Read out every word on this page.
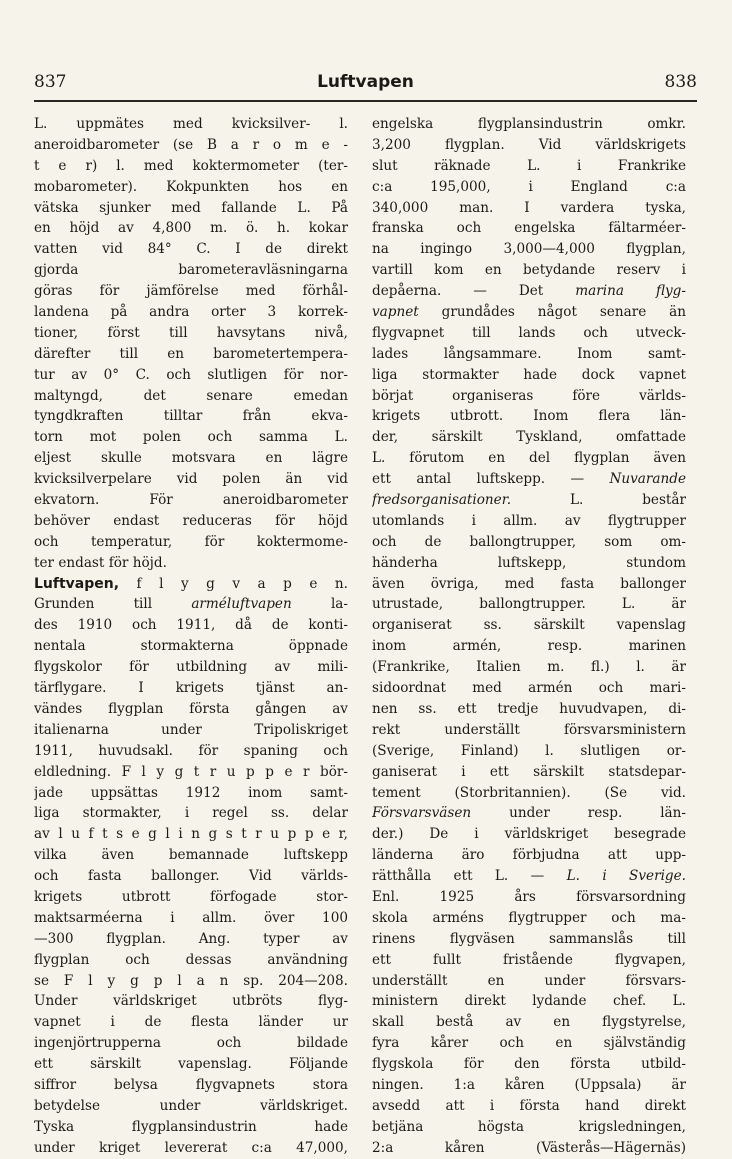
837	Luftvapen	838
L. uppmätes med kvicksilver- l.
aneroidbarometer (se B a r o m e -
t e r) l. med koktermometer (ter-
mobarometer). Kokpunkten hos en
vätska sjunker med fallande L. På
en höjd av 4,800 m. ö. h. kokar
vatten vid 84° C. I de direkt
gjorda barometeravläsningarna
göras för jämförelse med förhål-
landena på andra orter 3 korrek-
tioner, först till havsytans nivå,
därefter till en barometertempera-
tur av 0° C. och slutligen för nor-
maltyngd, det senare emedan
tyngdkraften tilltar från ekva-
torn mot polen och samma L.
eljest skulle motsvara en lägre
kvicksilverpelare vid polen än vid
ekvatorn. För aneroidbarometer
behöver endast reduceras för höjd
och temperatur, för koktermome-
ter endast för höjd.
Luftvapen, f l y g v a p e n.
Grunden till arméluftvapen la-
des 1910 och 1911, då de konti-
nentala stormakterna öppnade
flygskolor för utbildning av mili-
tärflygare. I krigets tjänst an-
vändes flygplan första gången av
italienarna under Tripoliskriget
1911, huvudsakl. för spaning och
eldledning. F l y g t r u p p e r bör-
jade uppsättas 1912 inom samt-
liga stormakter, i regel ss. delar
av l u f t s e g l i n g s t r u p p e r,
vilka även bemannade luftskepp
och fasta ballonger. Vid världs-
krigets utbrott förfogade stor-
maktsarméerna i allm. över 100
—300 flygplan. Ang. typer av
flygplan och dessas användning
se F l y g p l a n sp. 204—208.
Under världskriget utbröts flyg-
vapnet i de flesta länder ur
ingenjörtrupperna och bildade
ett särskilt vapenslag. Följande
siffror belysa flygvapnets stora
betydelse under världskriget.
Tyska flygplansindustrin hade
under kriget levererat c:a 47,000,
engelska flygplansindustrin omkr.
3,200 flygplan. Vid världskrigets
slut räknade L. i Frankrike
c:a 195,000, i England c:a
340,000 man. I vardera tyska,
franska och engelska fältarméer-
na ingingo 3,000—4,000 flygplan,
vartill kom en betydande reserv i
depåerna. — Det marina flyg-
vapnet grundådes något senare än
flygvapnet till lands och utveck-
lades långsammare. Inom samt-
liga stormakter hade dock vapnet
börjat organiseras före världs-
krigets utbrott. Inom flera län-
der, särskilt Tyskland, omfattade
L. förutom en del flygplan även
ett antal luftskepp. — Nuvarande
fredsorganisationer. L. består
utomlands i allm. av flygtrupper
och de ballongtrupper, som om-
händerha luftskepp, stundom
även övriga, med fasta ballonger
utrustade, ballongtrupper. L. är
organiserat ss. särskilt vapenslag
inom armén, resp. marinen
(Frankrike, Italien m. fl.) l. är
sidoordnat med armén och mari-
nen ss. ett tredje huvudvapen, di-
rekt underställt försvarsministern
(Sverige, Finland) l. slutligen or-
ganiserat i ett särskilt statsdepar-
tement (Storbritannien). (Se vid.
Försvarsväsen under resp. län-
der.) De i världskriget besegrade
länderna äro förbjudna att upp-
rätthålla ett L. — L. i Sverige.
Enl. 1925 års försvarsordning
skola arméns flygtrupper och ma-
rinens flygväsen sammanslås till
ett fullt fristående flygvapen,
underställt en under försvars-
ministern direkt lydande chef. L.
skall bestå av en flygstyrelse,
fyra kårer och en självständig
flygskola för den första utbild-
ningen. 1:a kåren (Uppsala) är
avsedd att i första hand direkt
betjäna högsta krigsledningen,
2:a kåren (Västerås—Hägernäs)
